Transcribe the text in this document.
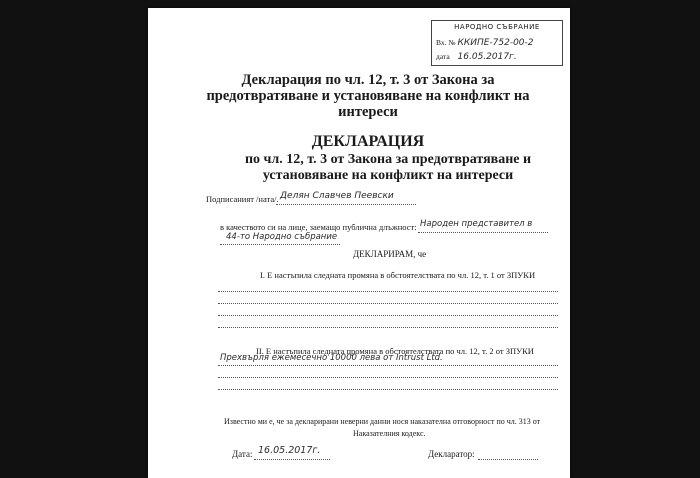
НАРОДНО СЪБРАНИЕ
Вх. № ККИПЕ-752-00-2
дата 16.05.2017г.
Декларация по чл. 12, т. 3 от Закона за
предотвратяване и установяване на конфликт на
интереси
ДЕКЛАРАЦИЯ
по чл. 12, т. 3 от Закона за предотвратяване и
установяване на конфликт на интереси
Подписаният /ната/. Делян Славчев Пеевски
в качеството си на лице, заемащо публична длъжност: Народен представител в
44-то Народно събрание
ДЕКЛАРИРАМ, че
I. Е настъпила следната промяна в обстоятелствата по чл. 12, т. 1 от ЗПУКИ
II. Е настъпила следната промяна в обстоятелствата по чл. 12, т. 2 от ЗПУКИ
Прехвърля ежемесечно 10000 лева от Intrust Ltd.
Известно ми е, че за декларирани неверни данни нося наказателна отговорност по чл. 313 от
Наказателния кодекс.
Дата: 16.05.2017г.	Декларатор:
